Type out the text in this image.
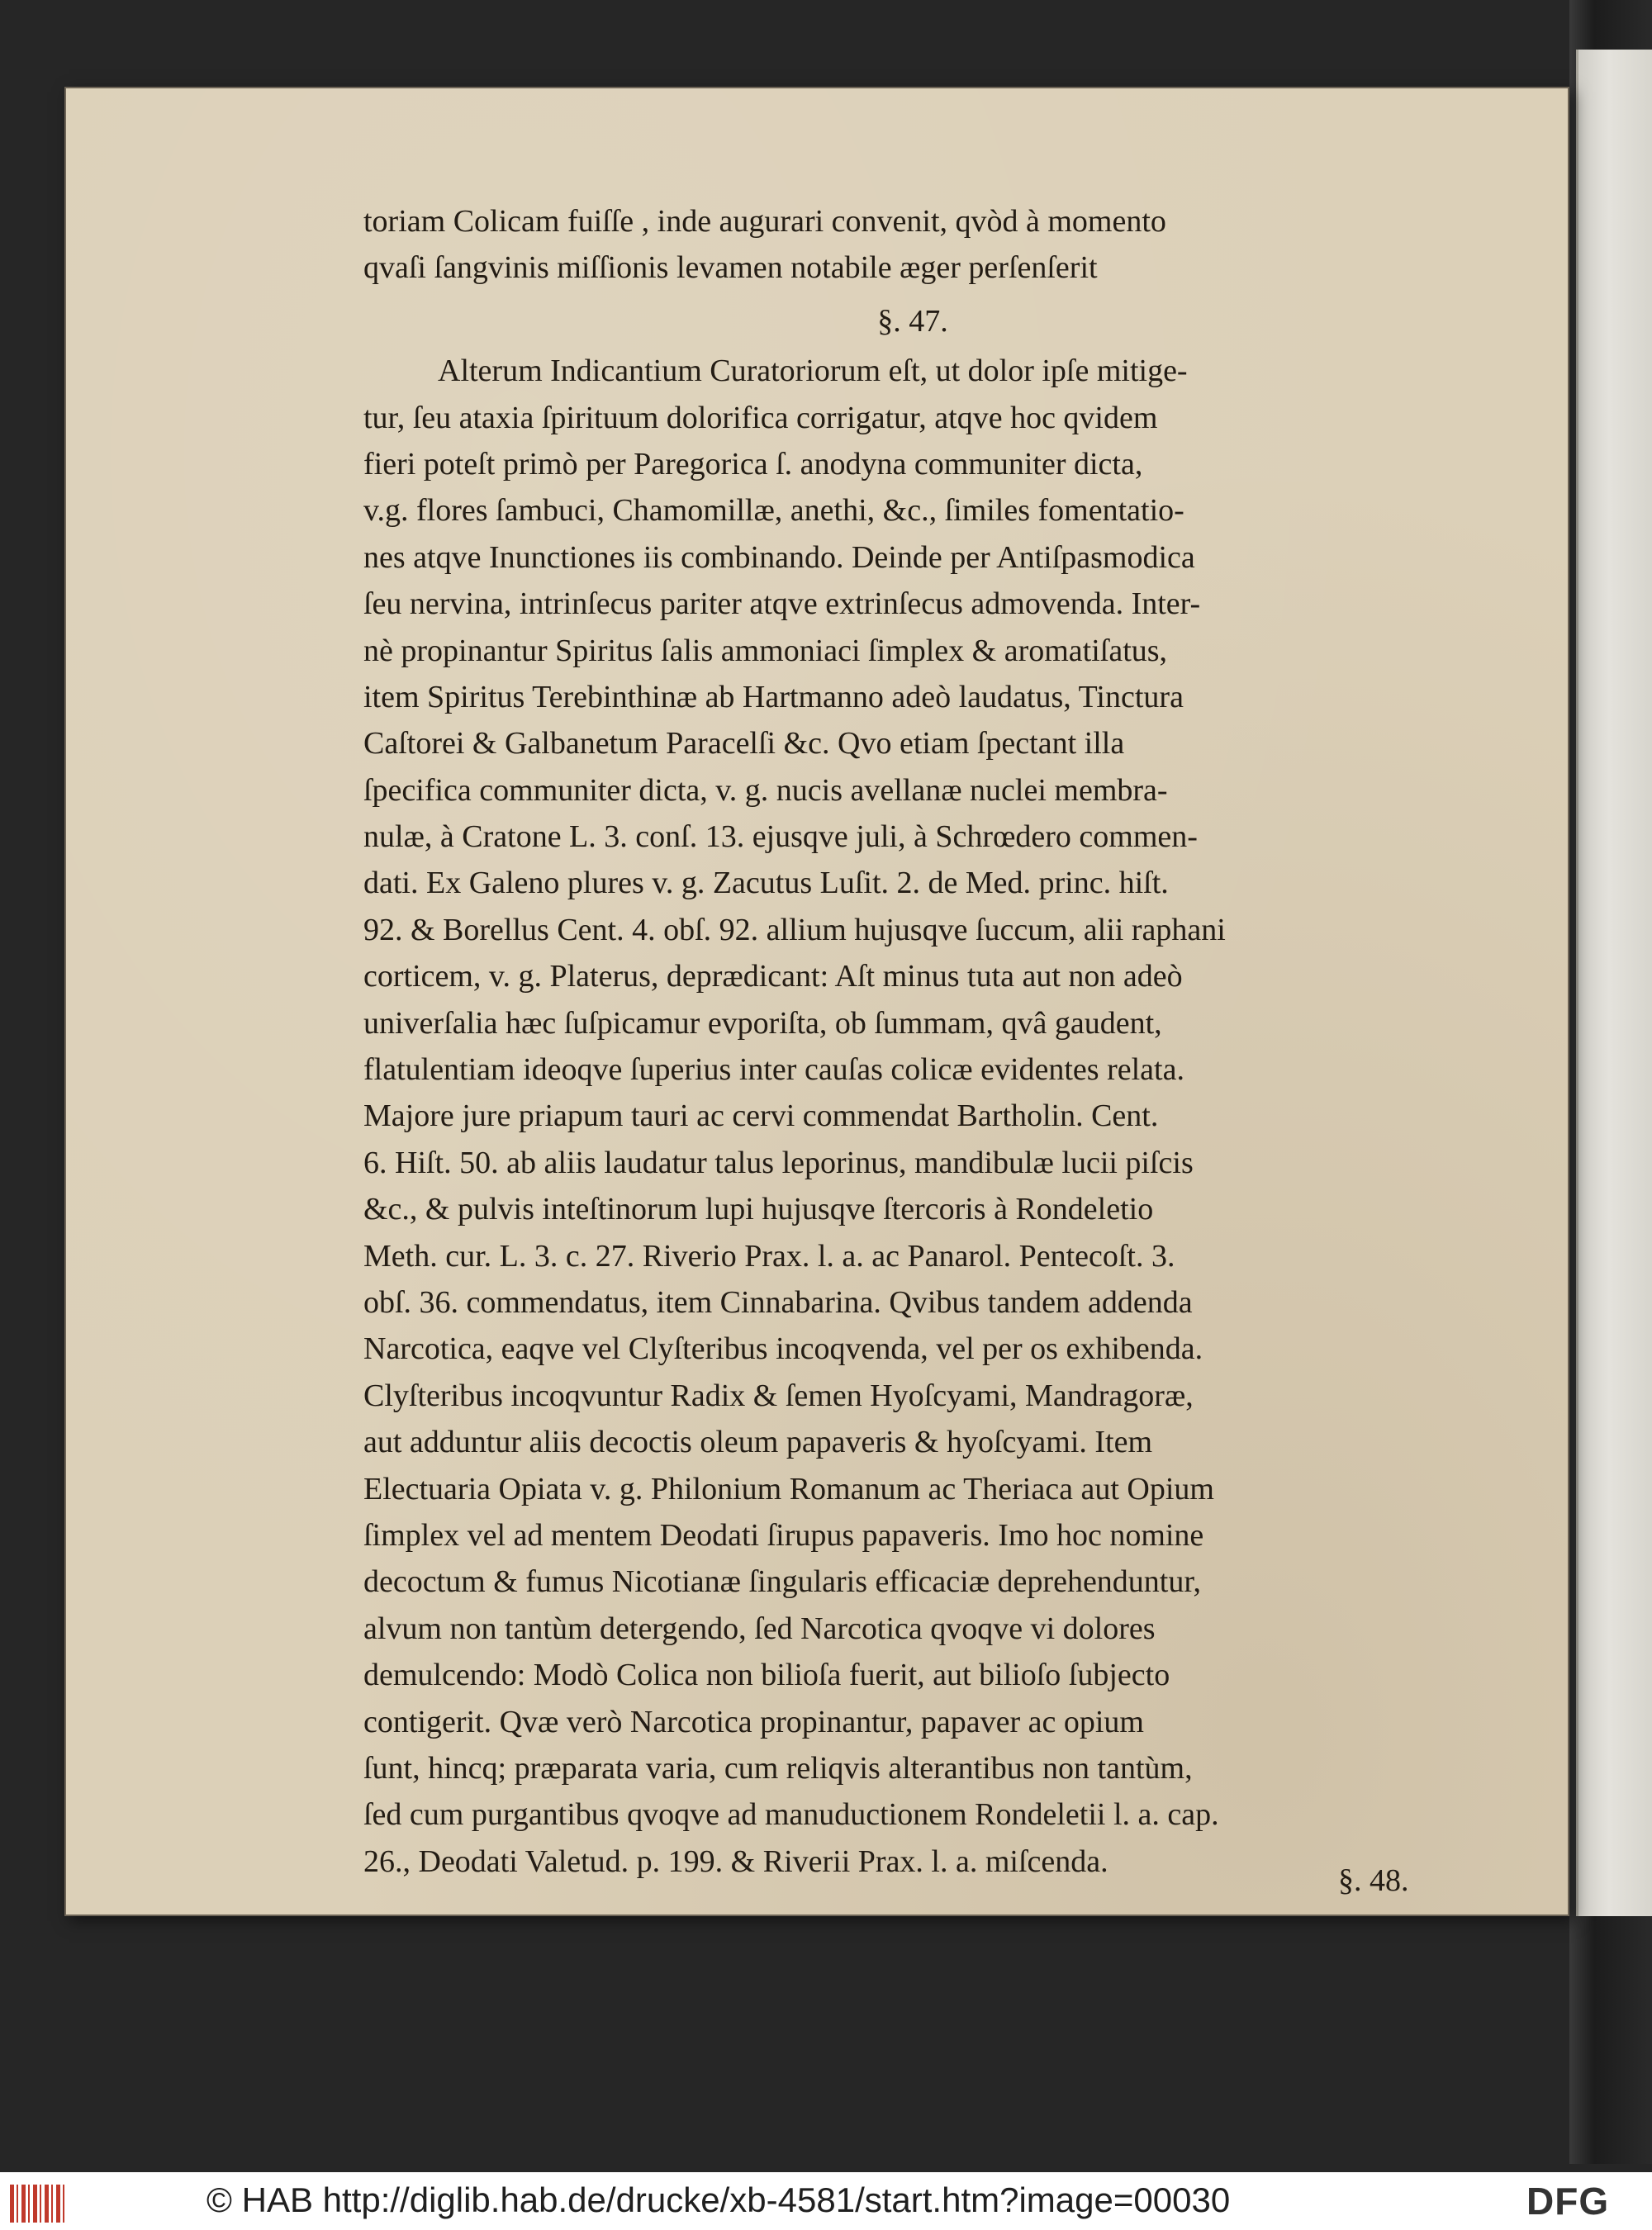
toriam Colicam fuiſſe , inde augurari convenit, qvòd à momento
qvaſi ſangvinis miſſionis levamen notabile æger perſenſerit
§. 47.
Alterum Indicantium Curatoriorum eſt, ut dolor ipſe mitige-
tur, ſeu ataxia ſpirituum dolorifica corrigatur, atqve hoc qvidem
fieri poteſt primò per Paregorica ſ. anodyna communiter dicta,
v.g. flores ſambuci, Chamomillæ, anethi, &c., ſimiles fomentatio-
nes atqve Inunctiones iis combinando. Deinde per Antiſpasmodica
ſeu nervina, intrinſecus pariter atqve extrinſecus admovenda. Inter-
nè propinantur Spiritus ſalis ammoniaci ſimplex & aromatiſatus,
item Spiritus Terebinthinæ ab Hartmanno adeò laudatus, Tinctura
Caſtorei & Galbanetum Paracelſi &c. Qvo etiam ſpectant illa
ſpecifica communiter dicta, v. g. nucis avellanæ nuclei membra-
nulæ, à Cratone L. 3. conſ. 13. ejusqve juli, à Schrœdero commen-
dati. Ex Galeno plures v. g. Zacutus Luſit. 2. de Med. princ. hiſt.
92. & Borellus Cent. 4. obſ. 92. allium hujusqve ſuccum, alii raphani
corticem, v. g. Platerus, deprædicant: Aſt minus tuta aut non adeò
univerſalia hæc ſuſpicamur evporiſta, ob ſummam, qvâ gaudent,
flatulentiam ideoqve ſuperius inter cauſas colicæ evidentes relata.
Majore jure priapum tauri ac cervi commendat Bartholin. Cent.
6. Hiſt. 50. ab aliis laudatur talus leporinus, mandibulæ lucii piſcis
&c., & pulvis inteſtinorum lupi hujusqve ſtercoris à Rondeletio
Meth. cur. L. 3. c. 27. Riverio Prax. l. a. ac Panarol. Pentecoſt. 3.
obſ. 36. commendatus, item Cinnabarina. Qvibus tandem addenda
Narcotica, eaqve vel Clyſteribus incoqvenda, vel per os exhibenda.
Clyſteribus incoqvuntur Radix & ſemen Hyoſcyami, Mandragoræ,
aut adduntur aliis decoctis oleum papaveris & hyoſcyami. Item
Electuaria Opiata v. g. Philonium Romanum ac Theriaca aut Opium
ſimplex vel ad mentem Deodati ſirupus papaveris. Imo hoc nomine
decoctum & fumus Nicotianæ ſingularis efficaciæ deprehenduntur,
alvum non tantùm detergendo, ſed Narcotica qvoqve vi dolores
demulcendo: Modò Colica non bilioſa fuerit, aut bilioſo ſubjecto
contigerit. Qvæ verò Narcotica propinantur, papaver ac opium
ſunt, hincq; præparata varia, cum reliqvis alterantibus non tantùm,
ſed cum purgantibus qvoqve ad manuductionem Rondeletii l. a. cap.
26., Deodati Valetud. p. 199. & Riverii Prax. l. a. miſcenda.
§. 48.
© HAB http://diglib.hab.de/drucke/xb-4581/start.htm?image=00030	DFG
